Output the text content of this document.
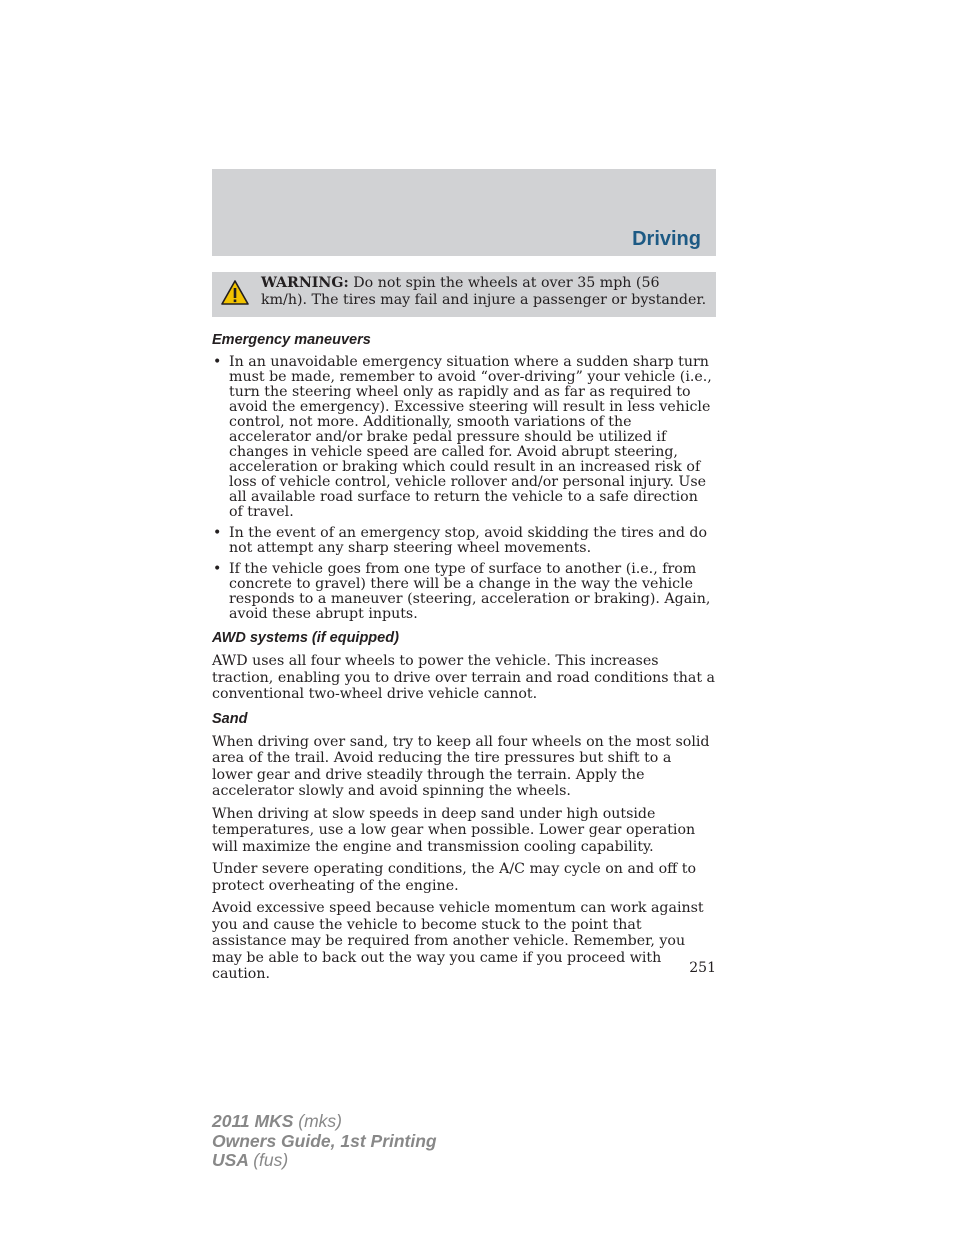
Driving
WARNING: Do not spin the wheels at over 35 mph (56 km/h). The tires may fail and injure a passenger or bystander.
Emergency maneuvers
• In an unavoidable emergency situation where a sudden sharp turn must be made, remember to avoid “over-driving” your vehicle (i.e., turn the steering wheel only as rapidly and as far as required to avoid the emergency). Excessive steering will result in less vehicle control, not more. Additionally, smooth variations of the accelerator and/or brake pedal pressure should be utilized if changes in vehicle speed are called for. Avoid abrupt steering, acceleration or braking which could result in an increased risk of loss of vehicle control, vehicle rollover and/or personal injury. Use all available road surface to return the vehicle to a safe direction of travel.
• In the event of an emergency stop, avoid skidding the tires and do not attempt any sharp steering wheel movements.
• If the vehicle goes from one type of surface to another (i.e., from concrete to gravel) there will be a change in the way the vehicle responds to a maneuver (steering, acceleration or braking). Again, avoid these abrupt inputs.
AWD systems (if equipped)

AWD uses all four wheels to power the vehicle. This increases traction, enabling you to drive over terrain and road conditions that a conventional two-wheel drive vehicle cannot.

Sand

When driving over sand, try to keep all four wheels on the most solid area of the trail. Avoid reducing the tire pressures but shift to a lower gear and drive steadily through the terrain. Apply the accelerator slowly and avoid spinning the wheels.

When driving at slow speeds in deep sand under high outside temperatures, use a low gear when possible. Lower gear operation will maximize the engine and transmission cooling capability.

Under severe operating conditions, the A/C may cycle on and off to protect overheating of the engine.

Avoid excessive speed because vehicle momentum can work against you and cause the vehicle to become stuck to the point that assistance may be required from another vehicle. Remember, you may be able to back out the way you came if you proceed with caution.	251
2011 MKS (mks)
Owners Guide, 1st Printing
USA (fus)
